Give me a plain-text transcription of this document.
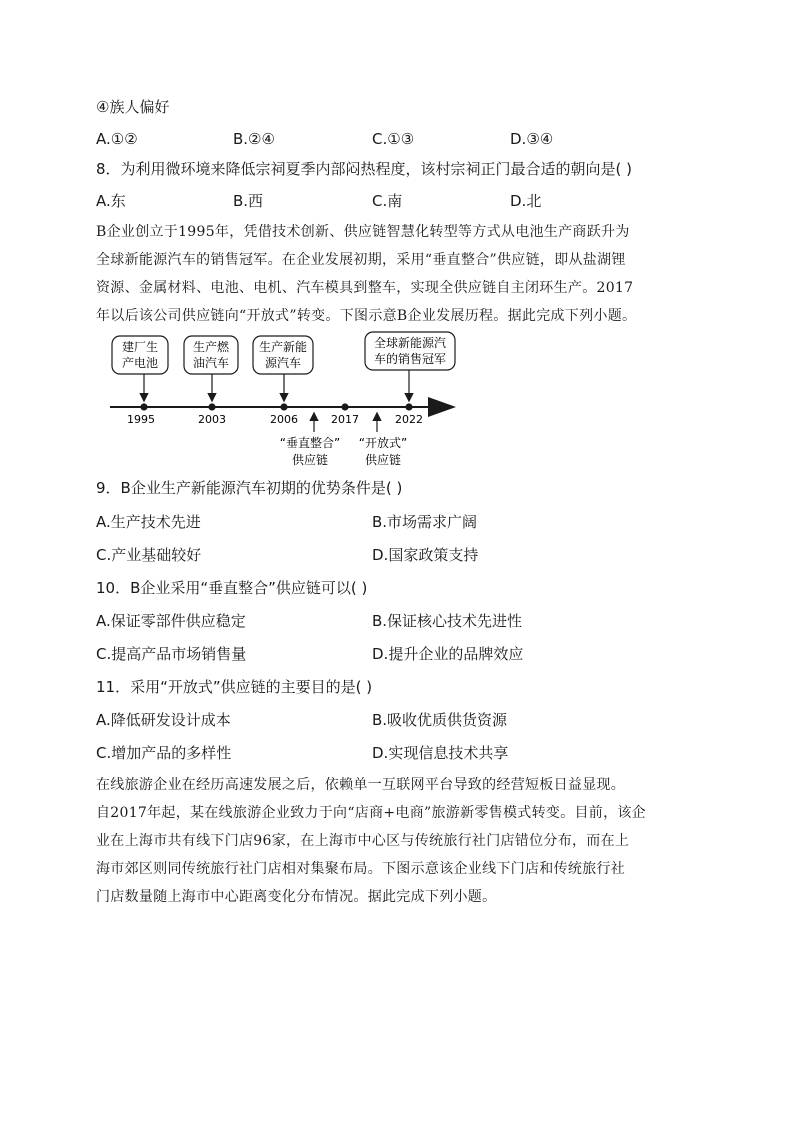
④族人偏好
A.①②	B.②④	C.①③	D.③④
8．为利用微环境来降低宗祠夏季内部闷热程度，该村宗祠正门最合适的朝向是( )
A.东	B.西	C.南	D.北
B企业创立于1995年，凭借技术创新、供应链智慧化转型等方式从电池生产商跃升为
全球新能源汽车的销售冠军。在企业发展初期，采用“垂直整合”供应链，即从盐湖锂
资源、金属材料、电池、电机、汽车模具到整车，实现全供应链自主闭环生产。2017
年以后该公司供应链向“开放式”转变。下图示意B企业发展历程。据此完成下列小题。
建厂生
产电池
生产燃
油汽车
生产新能
源汽车
全球新能源汽
车的销售冠军
1995	2003	2006	2017	2022
“垂直整合”
供应链
“开放式”
供应链
9．B企业生产新能源汽车初期的优势条件是( )
A.生产技术先进	B.市场需求广阔
C.产业基础较好	D.国家政策支持
10．B企业采用“垂直整合”供应链可以( )
A.保证零部件供应稳定	B.保证核心技术先进性
C.提高产品市场销售量	D.提升企业的品牌效应
11．采用“开放式”供应链的主要目的是( )
A.降低研发设计成本	B.吸收优质供货资源
C.增加产品的多样性	D.实现信息技术共享
在线旅游企业在经历高速发展之后，依赖单一互联网平台导致的经营短板日益显现。
自2017年起，某在线旅游企业致力于向“店商+电商”旅游新零售模式转变。目前，该企
业在上海市共有线下门店96家，在上海市中心区与传统旅行社门店错位分布，而在上
海市郊区则同传统旅行社门店相对集聚布局。下图示意该企业线下门店和传统旅行社
门店数量随上海市中心距离变化分布情况。据此完成下列小题。
